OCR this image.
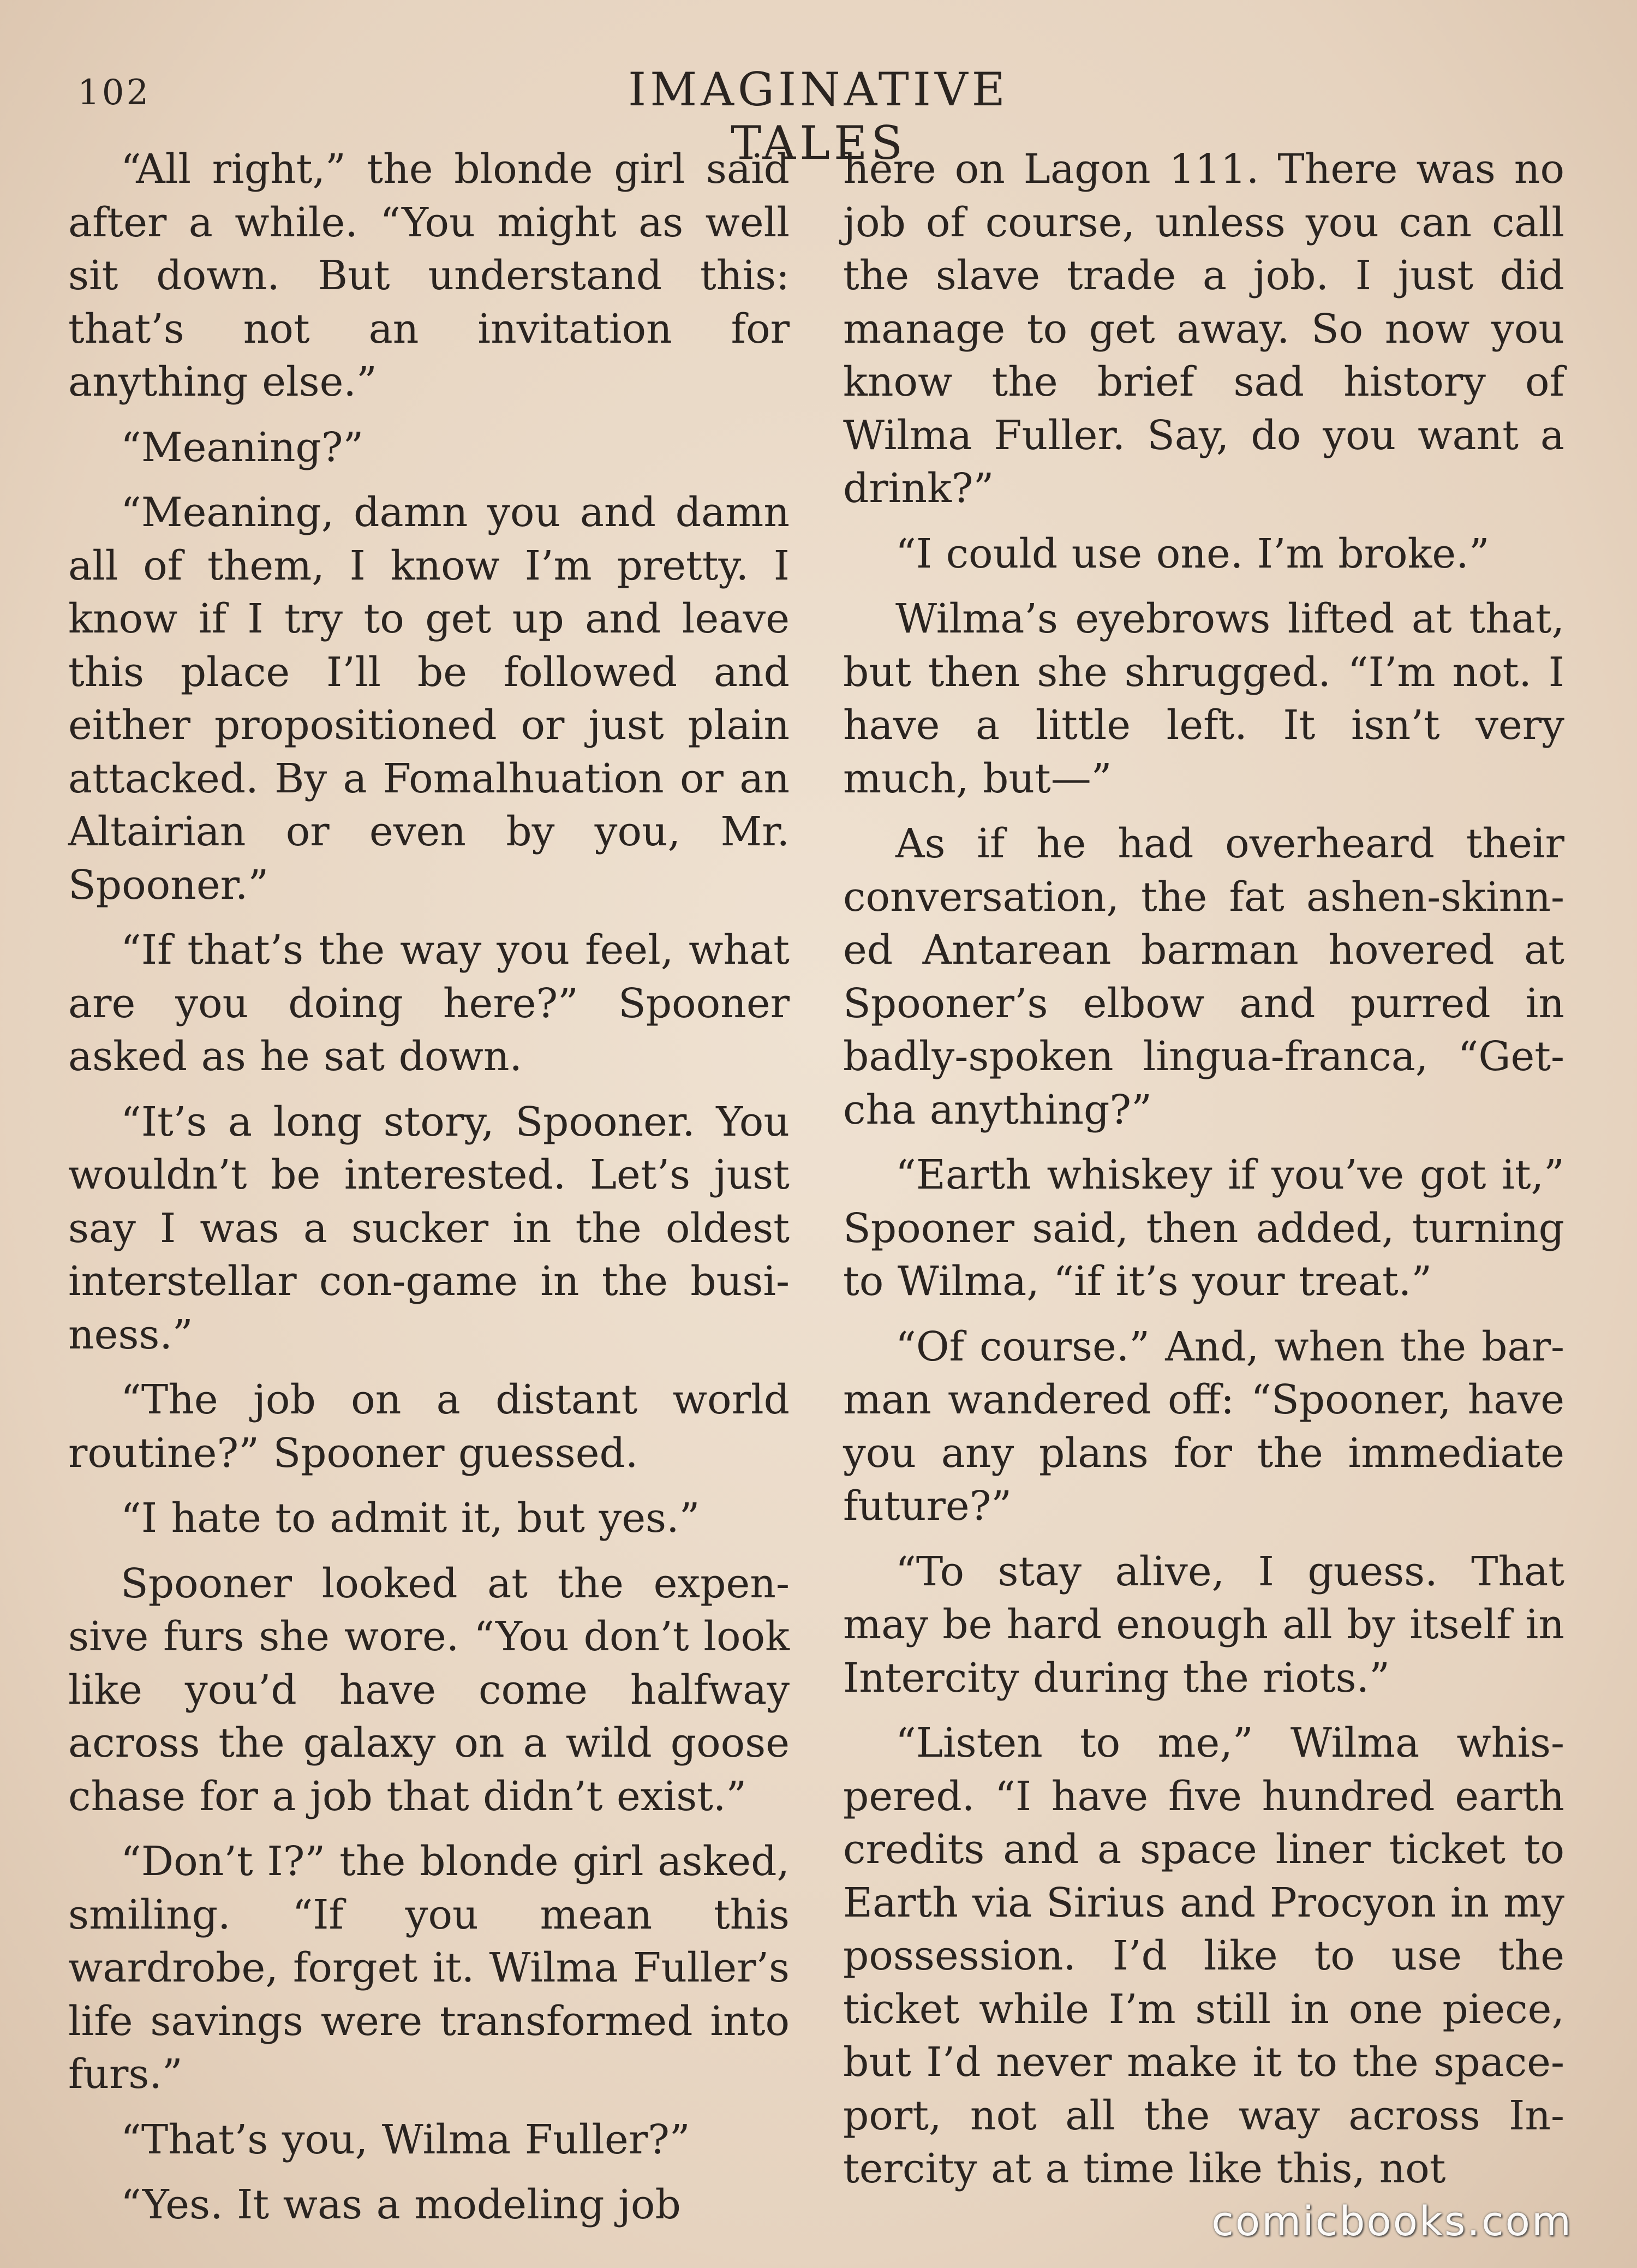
102	IMAGINATIVE TALES

“All right,” the blonde girl said after a while. “You might as well sit down. But understand this: that’s not an invitation for anything else.”

“Meaning?”

“Meaning, damn you and damn all of them, I know I’m pretty. I know if I try to get up and leave this place I’ll be followed and either propositioned or just plain attacked. By a Fomalhuation or an Altairian or even by you, Mr. Spooner.”

“If that’s the way you feel, what are you doing here?” Spooner asked as he sat down.

“It’s a long story, Spooner. You wouldn’t be interested. Let’s just say I was a sucker in the oldest interstellar con-game in the business.”

“The job on a distant world routine?” Spooner guessed.

“I hate to admit it, but yes.”

Spooner looked at the expensive furs she wore. “You don’t look like you’d have come halfway across the galaxy on a wild goose chase for a job that didn’t exist.”

“Don’t I?” the blonde girl asked, smiling. “If you mean this wardrobe, forget it. Wilma Fuller’s life savings were transformed into furs.”

“That’s you, Wilma Fuller?”

“Yes. It was a modeling job

here on Lagon 111. There was no job of course, unless you can call the slave trade a job. I just did manage to get away. So now you know the brief sad history of Wilma Fuller. Say, do you want a drink?”

“I could use one. I’m broke.”

Wilma’s eyebrows lifted at that, but then she shrugged. “I’m not. I have a little left. It isn’t very much, but—”

As if he had overheard their conversation, the fat ashen-skinned Antarean barman hovered at Spooner’s elbow and purred in badly-spoken lingua-franca, “Getcha anything?”

“Earth whiskey if you’ve got it,” Spooner said, then added, turning to Wilma, “if it’s your treat.”

“Of course.” And, when the barman wandered off: “Spooner, have you any plans for the immediate future?”

“To stay alive, I guess. That may be hard enough all by itself in Intercity during the riots.”

“Listen to me,” Wilma whispered. “I have five hundred earth credits and a space liner ticket to Earth via Sirius and Procyon in my possession. I’d like to use the ticket while I’m still in one piece, but I’d never make it to the spaceport, not all the way across Intercity at a time like this, not

comicbooks.com
